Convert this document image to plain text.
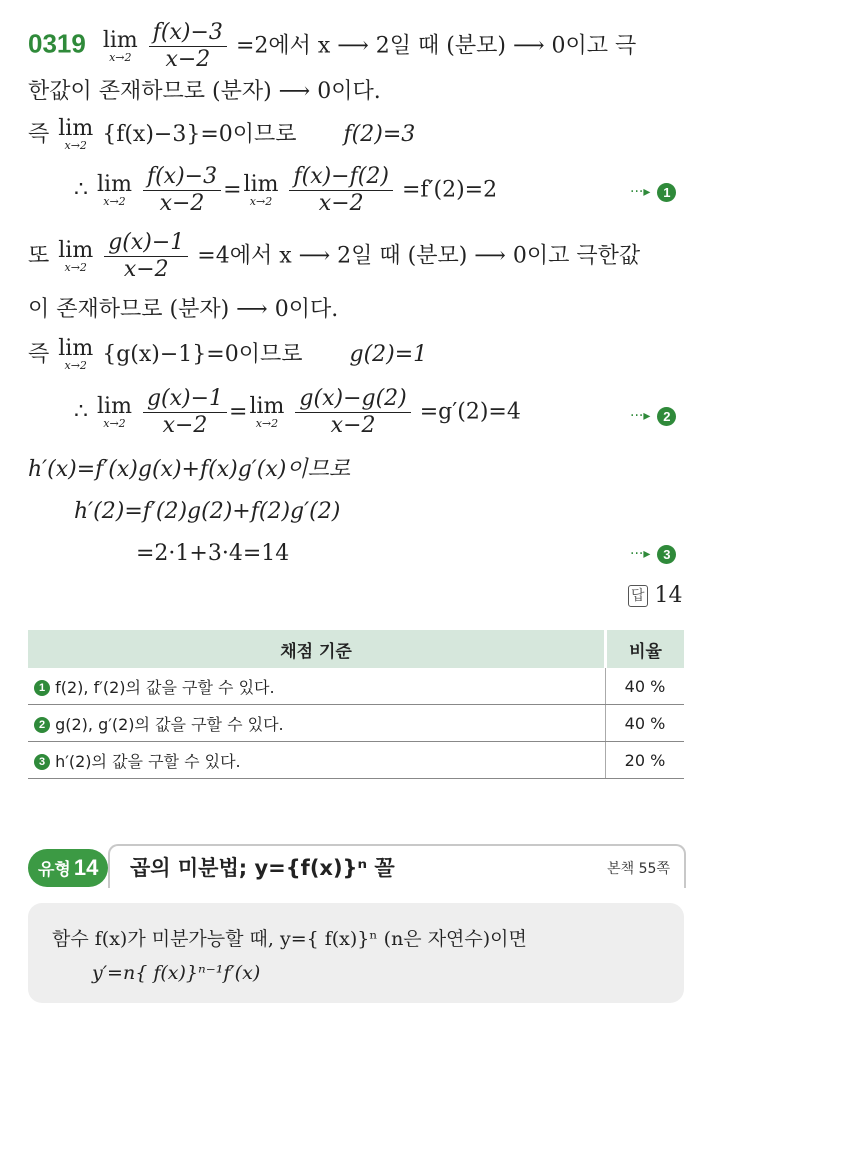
0319 lim
x→2
$\frac{f(x)-3}{x-2} =2$에서 x ⟶ 2일 때 (분모) ⟶ 0이고 극
한값이 존재하므로 (분자) ⟶ 0이다.
즉 lim
x→2 {f(x)−3}=0이므로 f(2)=3
∴ lim
x→2
$\frac{f(x)-3}{x-2} = \lim$
x→2
$\frac{f(x)-f(2)}{x-2} =f'(2)=2$	···▸ 1
또 lim
x→2
$\frac{g(x)-1}{x-2} =4$에서 x ⟶ 2일 때 (분모) ⟶ 0이고 극한값
이 존재하므로 (분자) ⟶ 0이다.
즉 lim
x→2 {g(x)−1}=0이므로 g(2)=1
∴ lim
x→2
$\frac{g(x)-1}{x-2} = \lim$
x→2
$\frac{g(x)-g(2)}{x-2} =g'(2)=4$	···▸ 2
h′(x)=f′(x)g(x)+f(x)g′(x)이므로
h′(2)=f′(2)g(2)+f(2)g′(2)
=2·1+3·4=14	···▸ 3
답 14
채점 기준	비율
1 f(2), f′(2)의 값을 구할 수 있다.	40 %
2 g(2), g′(2)의 값을 구할 수 있다.	40 %
3 h′(2)의 값을 구할 수 있다.	20 %
유형 14	곱의 미분법; y={f(x)}ⁿ 꼴	본책 55쪽
함수 f(x)가 미분가능할 때, y={ f(x)}ⁿ (n은 자연수)이면
y′=n{ f(x)}ⁿ⁻¹f′(x)
